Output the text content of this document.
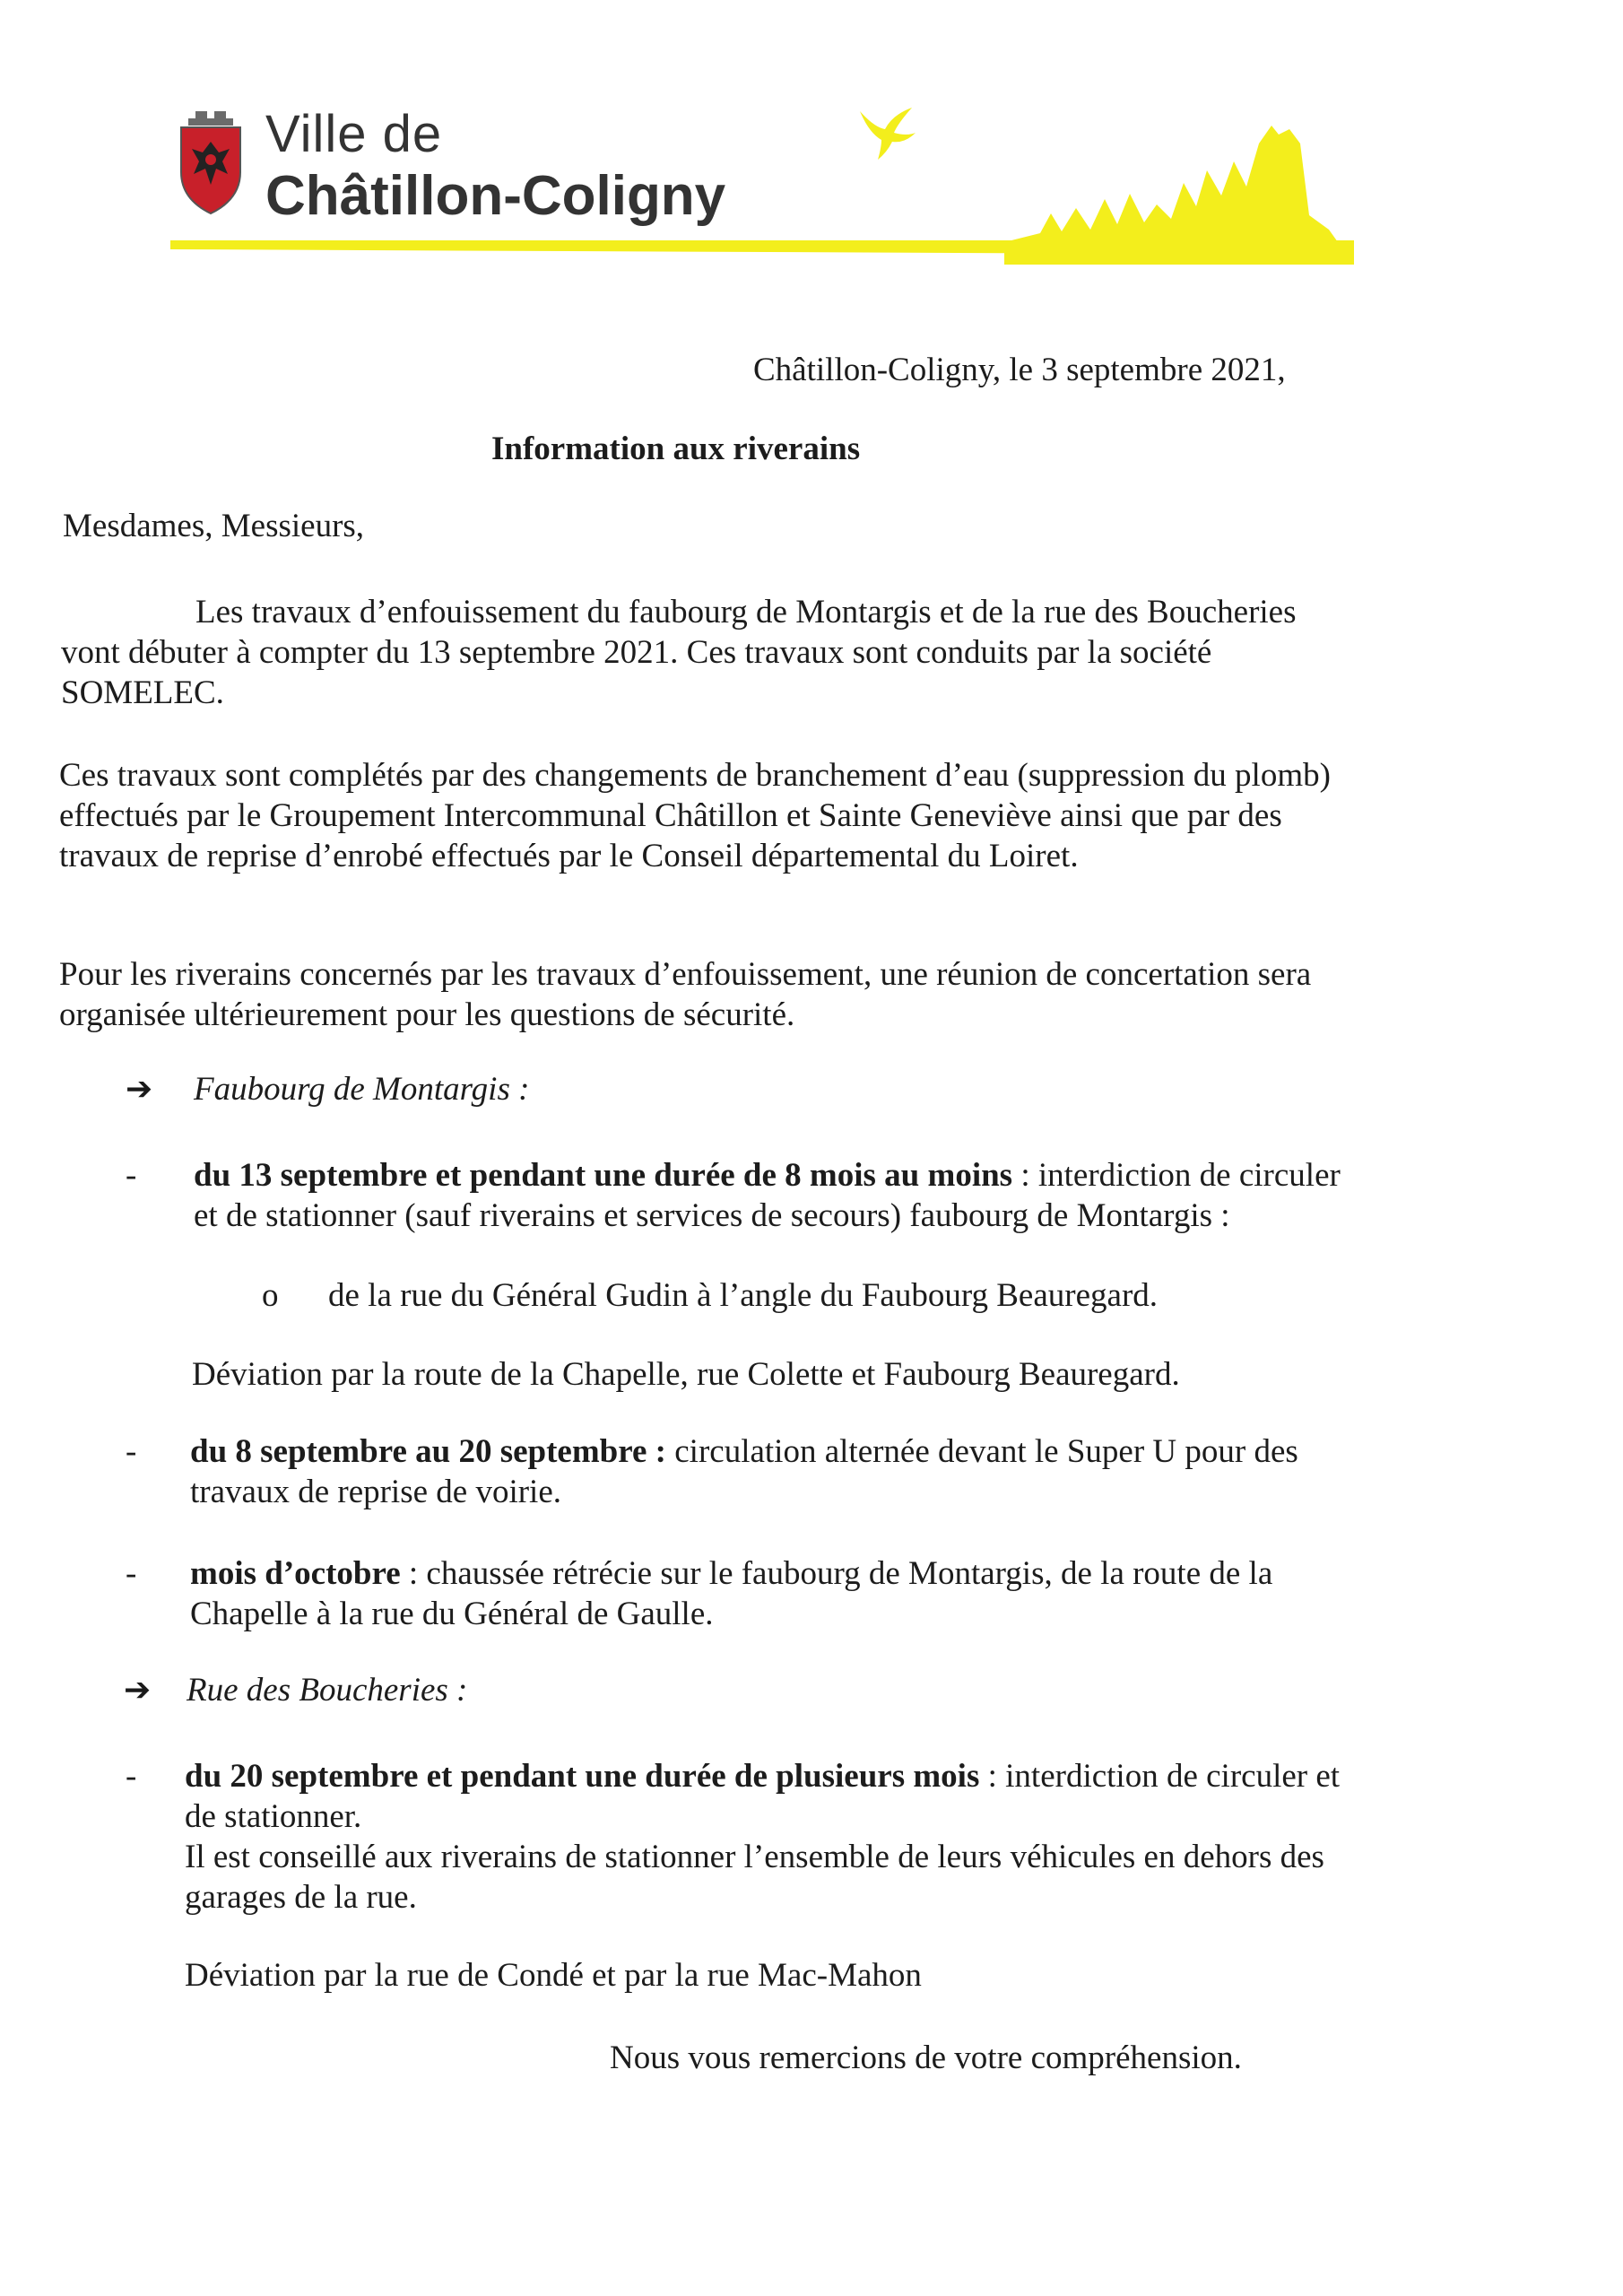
Ville de
Châtillon-Coligny
Châtillon-Coligny, le 3 septembre 2021,
Information aux riverains
Mesdames, Messieurs,
Les travaux d’enfouissement du faubourg de Montargis et de la rue des Boucheries vont débuter à compter du 13 septembre 2021. Ces travaux sont conduits par la société SOMELEC.
Ces travaux sont complétés par des changements de branchement d’eau (suppression du plomb) effectués par le Groupement Intercommunal Châtillon et Sainte Geneviève ainsi que par des travaux de reprise d’enrobé effectués par le Conseil départemental du Loiret.
Pour les riverains concernés par les travaux d’enfouissement, une réunion de concertation sera organisée ultérieurement pour les questions de sécurité.
➔ Faubourg de Montargis :
- du 13 septembre et pendant une durée de 8 mois au moins : interdiction de circuler et de stationner (sauf riverains et services de secours) faubourg de Montargis :
o de la rue du Général Gudin à l’angle du Faubourg Beauregard.
Déviation par la route de la Chapelle, rue Colette et Faubourg Beauregard.
- du 8 septembre au 20 septembre : circulation alternée devant le Super U pour des travaux de reprise de voirie.
- mois d’octobre : chaussée rétrécie sur le faubourg de Montargis, de la route de la Chapelle à la rue du Général de Gaulle.
➔ Rue des Boucheries :
- du 20 septembre et pendant une durée de plusieurs mois : interdiction de circuler et de stationner.
Il est conseillé aux riverains de stationner l’ensemble de leurs véhicules en dehors des garages de la rue.
Déviation par la rue de Condé et par la rue Mac-Mahon
Nous vous remercions de votre compréhension.
